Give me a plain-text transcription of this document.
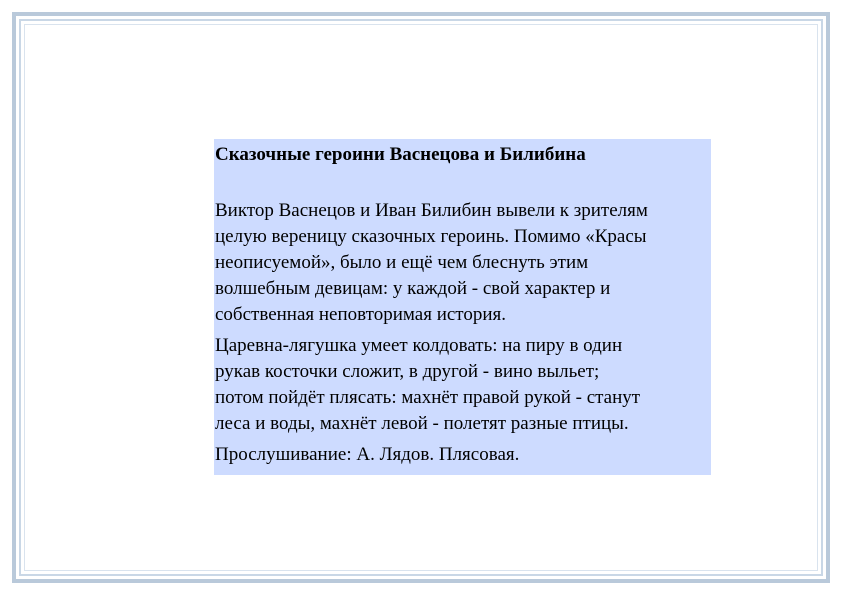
Сказочные героини Васнецова и Билибина

Виктор Васнецов и Иван Билибин вывели к зрителям
целую вереницу сказочных героинь. Помимо «Красы
неописуемой», было и ещё чем блеснуть этим
волшебным девицам: у каждой - свой характер и
собственная неповторимая история.

Царевна-лягушка умеет колдовать: на пиру в один
рукав косточки сложит, в другой - вино выльет;
потом пойдёт плясать: махнёт правой рукой - станут
леса и воды, махнёт левой - полетят разные птицы.

Прослушивание: А. Лядов. Плясовая.
